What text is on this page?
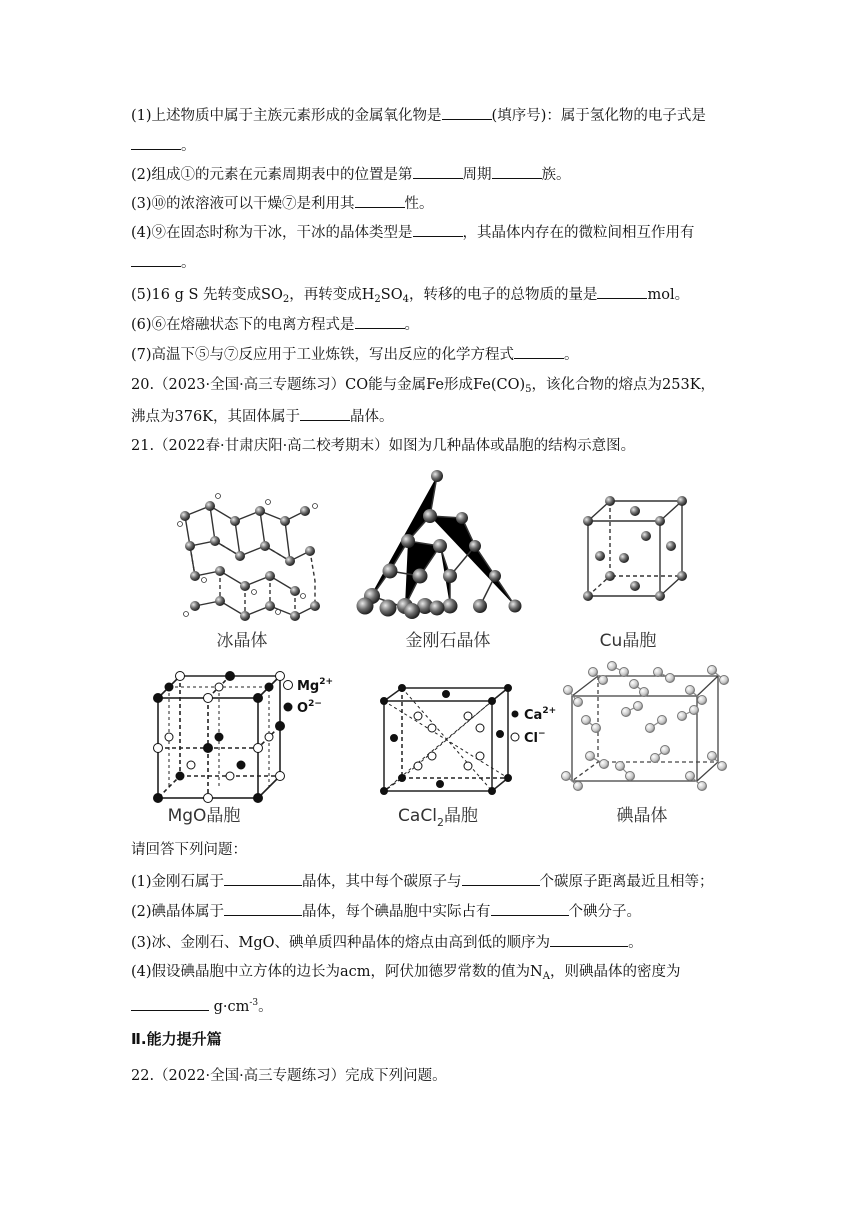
(1)上述物质中属于主族元素形成的金属氧化物是	(填序号)：属于氢化物的电子式是
。
(2)组成①的元素在元素周期表中的位置是第	周期	族。
(3)⑩的浓溶液可以干燥⑦是利用其	性。
(4)⑨在固态时称为干冰，干冰的晶体类型是	，其晶体内存在的微粒间相互作用有
。
(5)16 g S 先转变成$SO_2$，再转变成$H_2SO_4$，转移的电子的总物质的量是	mol。
(6)⑥在熔融状态下的电离方程式是	。
(7)高温下⑤与⑦反应用于工业炼铁，写出反应的化学方程式	。
20.（2023·全国·高三专题练习）CO能与金属Fe形成$Fe(CO)_5$，该化合物的熔点为253K，
沸点为376K，其固体属于	晶体。
21.（2022春·甘肃庆阳·高二校考期末）如图为几种晶体或晶胞的结构示意图。
冰晶体	金刚石晶体	Cu晶胞
$Mg^{2+}$
$O^{2-}$
$Ca^{2+}$
Cl−
MgO晶胞	CaCl$_2$晶胞	碘晶体
请回答下列问题：
(1)金刚石属于	晶体，其中每个碳原子与	个碳原子距离最近且相等；
(2)碘晶体属于	晶体，每个碘晶胞中实际占有	个碘分子。
(3)冰、金刚石、MgO、碘单质四种晶体的熔点由高到低的顺序为	。
(4)假设碘晶胞中立方体的边长为acm，阿伏加德罗常数的值为$N_A$，则碘晶体的密度为
$g\cdot cm^{-3}$。
Ⅱ.能力提升篇
22.（2022·全国·高三专题练习）完成下列问题。
